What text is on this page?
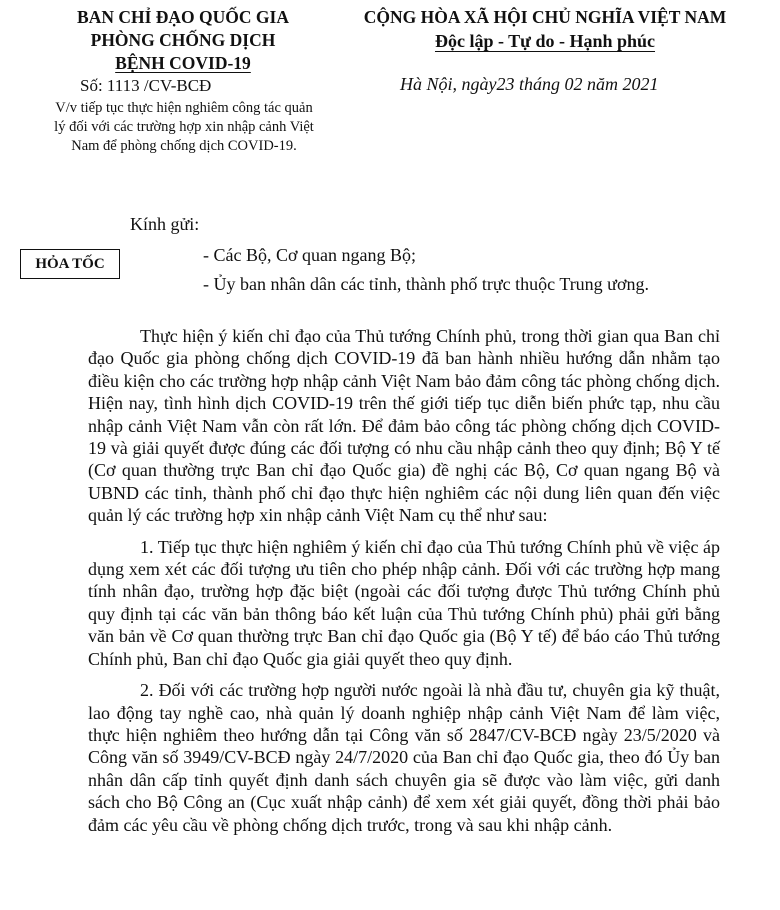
BAN CHỈ ĐẠO QUỐC GIA
PHÒNG CHỐNG DỊCH
BỆNH COVID-19
CỘNG HÒA XÃ HỘI CHỦ NGHĨA VIỆT NAM
Độc lập - Tự do - Hạnh phúc
Số: 1113 /CV-BCĐ
V/v tiếp tục thực hiện nghiêm công tác quản lý đối với các trường hợp xin nhập cảnh Việt Nam để phòng chống dịch COVID-19.
Hà Nội, ngày23 tháng 02 năm 2021
Kính gửi:
HỎA TỐC	- Các Bộ, Cơ quan ngang Bộ;
- Ủy ban nhân dân các tỉnh, thành phố trực thuộc Trung ương.

Thực hiện ý kiến chỉ đạo của Thủ tướng Chính phủ, trong thời gian qua Ban chỉ đạo Quốc gia phòng chống dịch COVID-19 đã ban hành nhiều hướng dẫn nhằm tạo điều kiện cho các trường hợp nhập cảnh Việt Nam bảo đảm công tác phòng chống dịch. Hiện nay, tình hình dịch COVID-19 trên thế giới tiếp tục diễn biến phức tạp, nhu cầu nhập cảnh Việt Nam vẫn còn rất lớn. Để đảm bảo công tác phòng chống dịch COVID-19 và giải quyết được đúng các đối tượng có nhu cầu nhập cảnh theo quy định; Bộ Y tế (Cơ quan thường trực Ban chỉ đạo Quốc gia) đề nghị các Bộ, Cơ quan ngang Bộ và UBND các tỉnh, thành phố chỉ đạo thực hiện nghiêm các nội dung liên quan đến việc quản lý các trường hợp xin nhập cảnh Việt Nam cụ thể như sau:

1. Tiếp tục thực hiện nghiêm ý kiến chỉ đạo của Thủ tướng Chính phủ về việc áp dụng xem xét các đối tượng ưu tiên cho phép nhập cảnh. Đối với các trường hợp mang tính nhân đạo, trường hợp đặc biệt (ngoài các đối tượng được Thủ tướng Chính phủ quy định tại các văn bản thông báo kết luận của Thủ tướng Chính phủ) phải gửi bằng văn bản về Cơ quan thường trực Ban chỉ đạo Quốc gia (Bộ Y tế) để báo cáo Thủ tướng Chính phủ, Ban chỉ đạo Quốc gia giải quyết theo quy định.

2. Đối với các trường hợp người nước ngoài là nhà đầu tư, chuyên gia kỹ thuật, lao động tay nghề cao, nhà quản lý doanh nghiệp nhập cảnh Việt Nam để làm việc, thực hiện nghiêm theo hướng dẫn tại Công văn số 2847/CV-BCĐ ngày 23/5/2020 và Công văn số 3949/CV-BCĐ ngày 24/7/2020 của Ban chỉ đạo Quốc gia, theo đó Ủy ban nhân dân cấp tỉnh quyết định danh sách chuyên gia sẽ được vào làm việc, gửi danh sách cho Bộ Công an (Cục xuất nhập cảnh) để xem xét giải quyết, đồng thời phải bảo đảm các yêu cầu về phòng chống dịch trước, trong và sau khi nhập cảnh.
